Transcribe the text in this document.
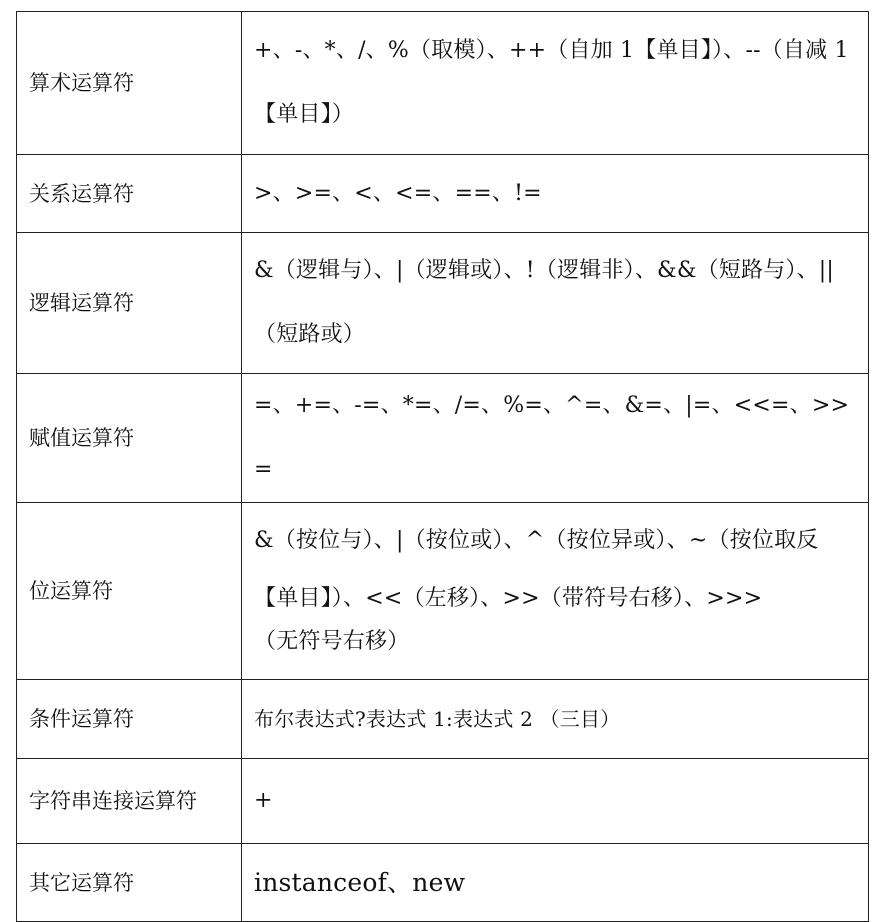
算术运算符	+、-、*、/、%（取模）、++（自加 1【单目】）、--（自减 1【单目】）

关系运算符	>、>=、<、<=、==、!=

逻辑运算符	&（逻辑与）、|（逻辑或）、!（逻辑非）、&&（短路与）、||（短路或）

赋值运算符	=、+=、-=、*=、/=、%=、^=、&=、|=、<<=、>>=

位运算符	&（按位与）、|（按位或）、^（按位异或）、~（按位取反【单目】）、<<（左移）、>>（带符号右移）、>>>
（无符号右移）

条件运算符	布尔表达式?表达式 1:表达式 2 （三目）

字符串连接运算符	+

其它运算符	instanceof、new
